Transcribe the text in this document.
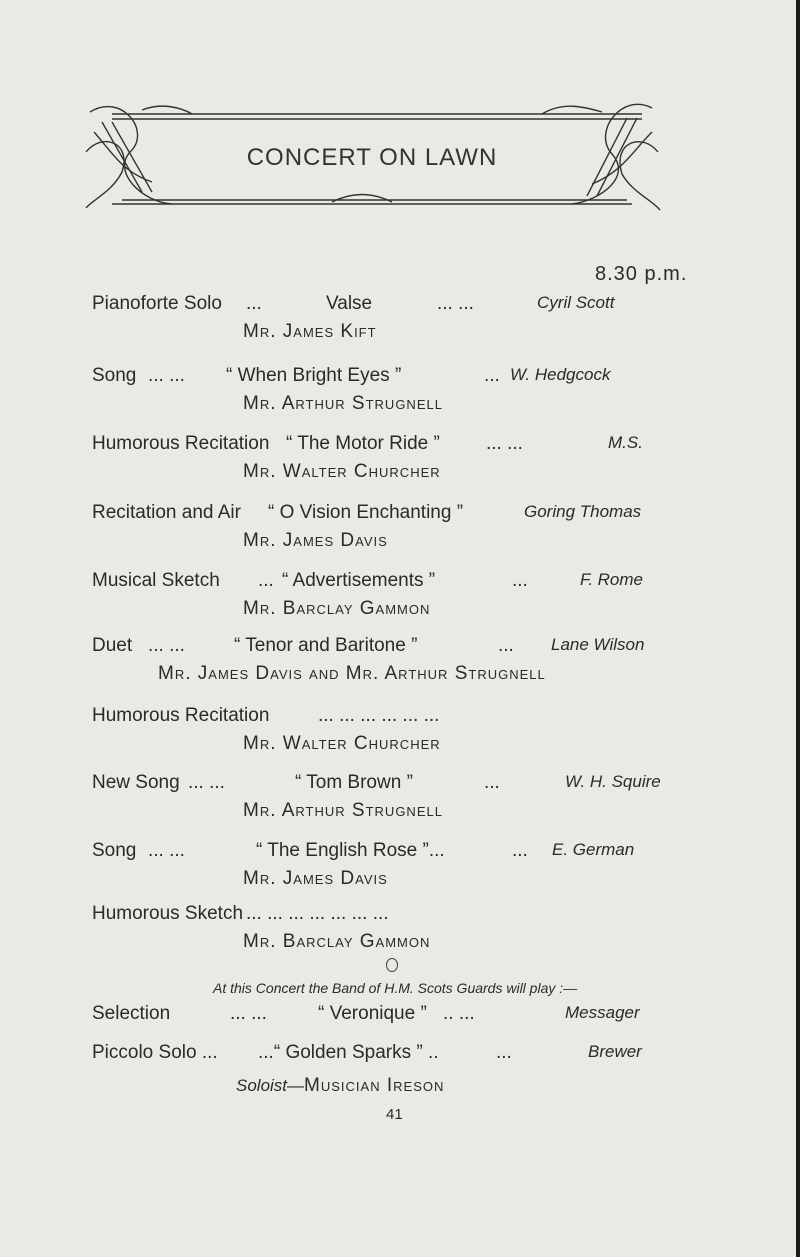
CONCERT ON LAWN
8.30 p.m.
Pianoforte Solo ...	Valse	... ...	Cyril Scott
Mr. James Kift
Song ... ... “ When Bright Eyes ”	... W. Hedgcock
Mr. Arthur Strugnell
Humorous Recitation “ The Motor Ride ” ... ...	M.S.
Mr. Walter Churcher
Recitation and Air “ O Vision Enchanting ”	Goring Thomas
Mr. James Davis
Musical Sketch ... “ Advertisements ”	...	F. Rome
Mr. Barclay Gammon
Duet ... ...	“ Tenor and Baritone ”	... Lane Wilson
Mr. James Davis and Mr. Arthur Strugnell
Humorous Recitation	... ... ... ... ... ...
Mr. Walter Churcher
New Song ... ...	“ Tom Brown ”	...	W. H. Squire
Mr. Arthur Strugnell
Song ... ...	“ The English Rose ”...	... E. German
Mr. James Davis
Humorous Sketch ... ... ... ... ... ... ...
Mr. Barclay Gammon
At this Concert the Band of H.M. Scots Guards will play :—
Selection	... ...	“ Veronique ” .. ...	Messager
Piccolo Solo ... ...“ Golden Sparks ” ..	...	Brewer
Soloist—Musician Ireson
41
